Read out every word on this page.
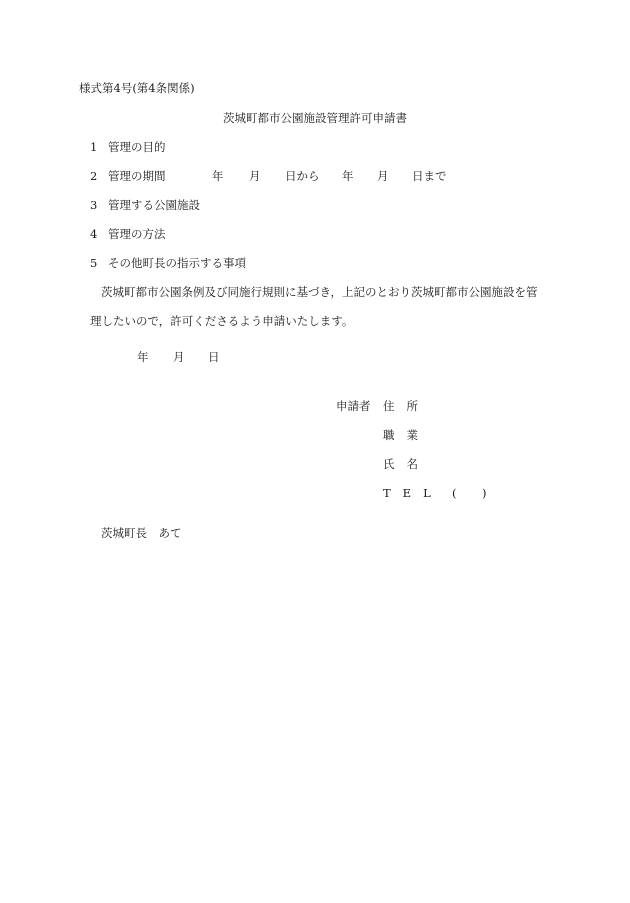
様式第4号(第4条関係)
茨城町都市公園施設管理許可申請書
1 管理の目的
2 管理の期間	年 月 日から 年 月 日まで
3 管理する公園施設
4 管理の方法
5 その他町長の指示する事項
茨城町都市公園条例及び同施行規則に基づき，上記のとおり茨城町都市公園施設を管
理したいので，許可くださるよう申請いたします。
年 月 日
申請者 住 所
職 業
氏 名
T E L ( )
茨城町長　あて
